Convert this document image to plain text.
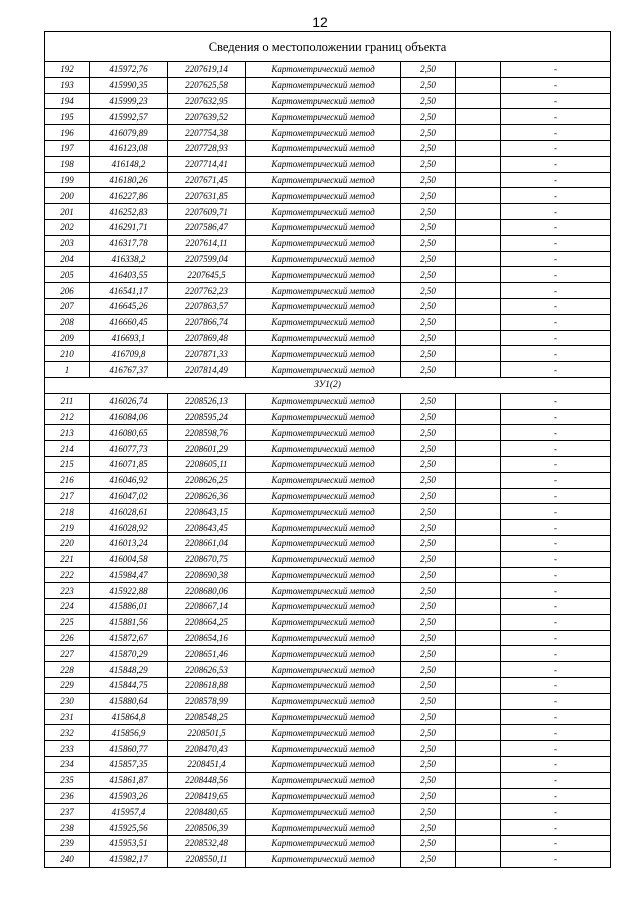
12
Сведения о местоположении границ объекта						
192	415972,76	2207619,14	Картометрический метод	2,50		-
193	415990,35	2207625,58	Картометрический метод	2,50		-
194	415999,23	2207632,95	Картометрический метод	2,50		-
195	415992,57	2207639,52	Картометрический метод	2,50		-
196	416079,89	2207754,38	Картометрический метод	2,50		-
197	416123,08	2207728,93	Картометрический метод	2,50		-
198	416148,2	2207714,41	Картометрический метод	2,50		-
199	416180,26	2207671,45	Картометрический метод	2,50		-
200	416227,86	2207631,85	Картометрический метод	2,50		-
201	416252,83	2207609,71	Картометрический метод	2,50		-
202	416291,71	2207586,47	Картометрический метод	2,50		-
203	416317,78	2207614,11	Картометрический метод	2,50		-
204	416338,2	2207599,04	Картометрический метод	2,50		-
205	416403,55	2207645,5	Картометрический метод	2,50		-
206	416541,17	2207762,23	Картометрический метод	2,50		-
207	416645,26	2207863,57	Картометрический метод	2,50		-
208	416660,45	2207866,74	Картометрический метод	2,50		-
209	416693,1	2207869,48	Картометрический метод	2,50		-
210	416709,8	2207871,33	Картометрический метод	2,50		-
1	416767,37	2207814,49	Картометрический метод	2,50		-
ЗУ1(2)						
211	416026,74	2208526,13	Картометрический метод	2,50		-
212	416084,06	2208595,24	Картометрический метод	2,50		-
213	416080,65	2208598,76	Картометрический метод	2,50		-
214	416077,73	2208601,29	Картометрический метод	2,50		-
215	416071,85	2208605,11	Картометрический метод	2,50		-
216	416046,92	2208626,25	Картометрический метод	2,50		-
217	416047,02	2208626,36	Картометрический метод	2,50		-
218	416028,61	2208643,15	Картометрический метод	2,50		-
219	416028,92	2208643,45	Картометрический метод	2,50		-
220	416013,24	2208661,04	Картометрический метод	2,50		-
221	416004,58	2208670,75	Картометрический метод	2,50		-
222	415984,47	2208690,38	Картометрический метод	2,50		-
223	415922,88	2208680,06	Картометрический метод	2,50		-
224	415886,01	2208667,14	Картометрический метод	2,50		-
225	415881,56	2208664,25	Картометрический метод	2,50		-
226	415872,67	2208654,16	Картометрический метод	2,50		-
227	415870,29	2208651,46	Картометрический метод	2,50		-
228	415848,29	2208626,53	Картометрический метод	2,50		-
229	415844,75	2208618,88	Картометрический метод	2,50		-
230	415880,64	2208578,99	Картометрический метод	2,50		-
231	415864,8	2208548,25	Картометрический метод	2,50		-
232	415856,9	2208501,5	Картометрический метод	2,50		-
233	415860,77	2208470,43	Картометрический метод	2,50		-
234	415857,35	2208451,4	Картометрический метод	2,50		-
235	415861,87	2208448,56	Картометрический метод	2,50		-
236	415903,26	2208419,65	Картометрический метод	2,50		-
237	415957,4	2208480,65	Картометрический метод	2,50		-
238	415925,56	2208506,39	Картометрический метод	2,50		-
239	415953,51	2208532,48	Картометрический метод	2,50		-
240	415982,17	2208550,11	Картометрический метод	2,50		-
